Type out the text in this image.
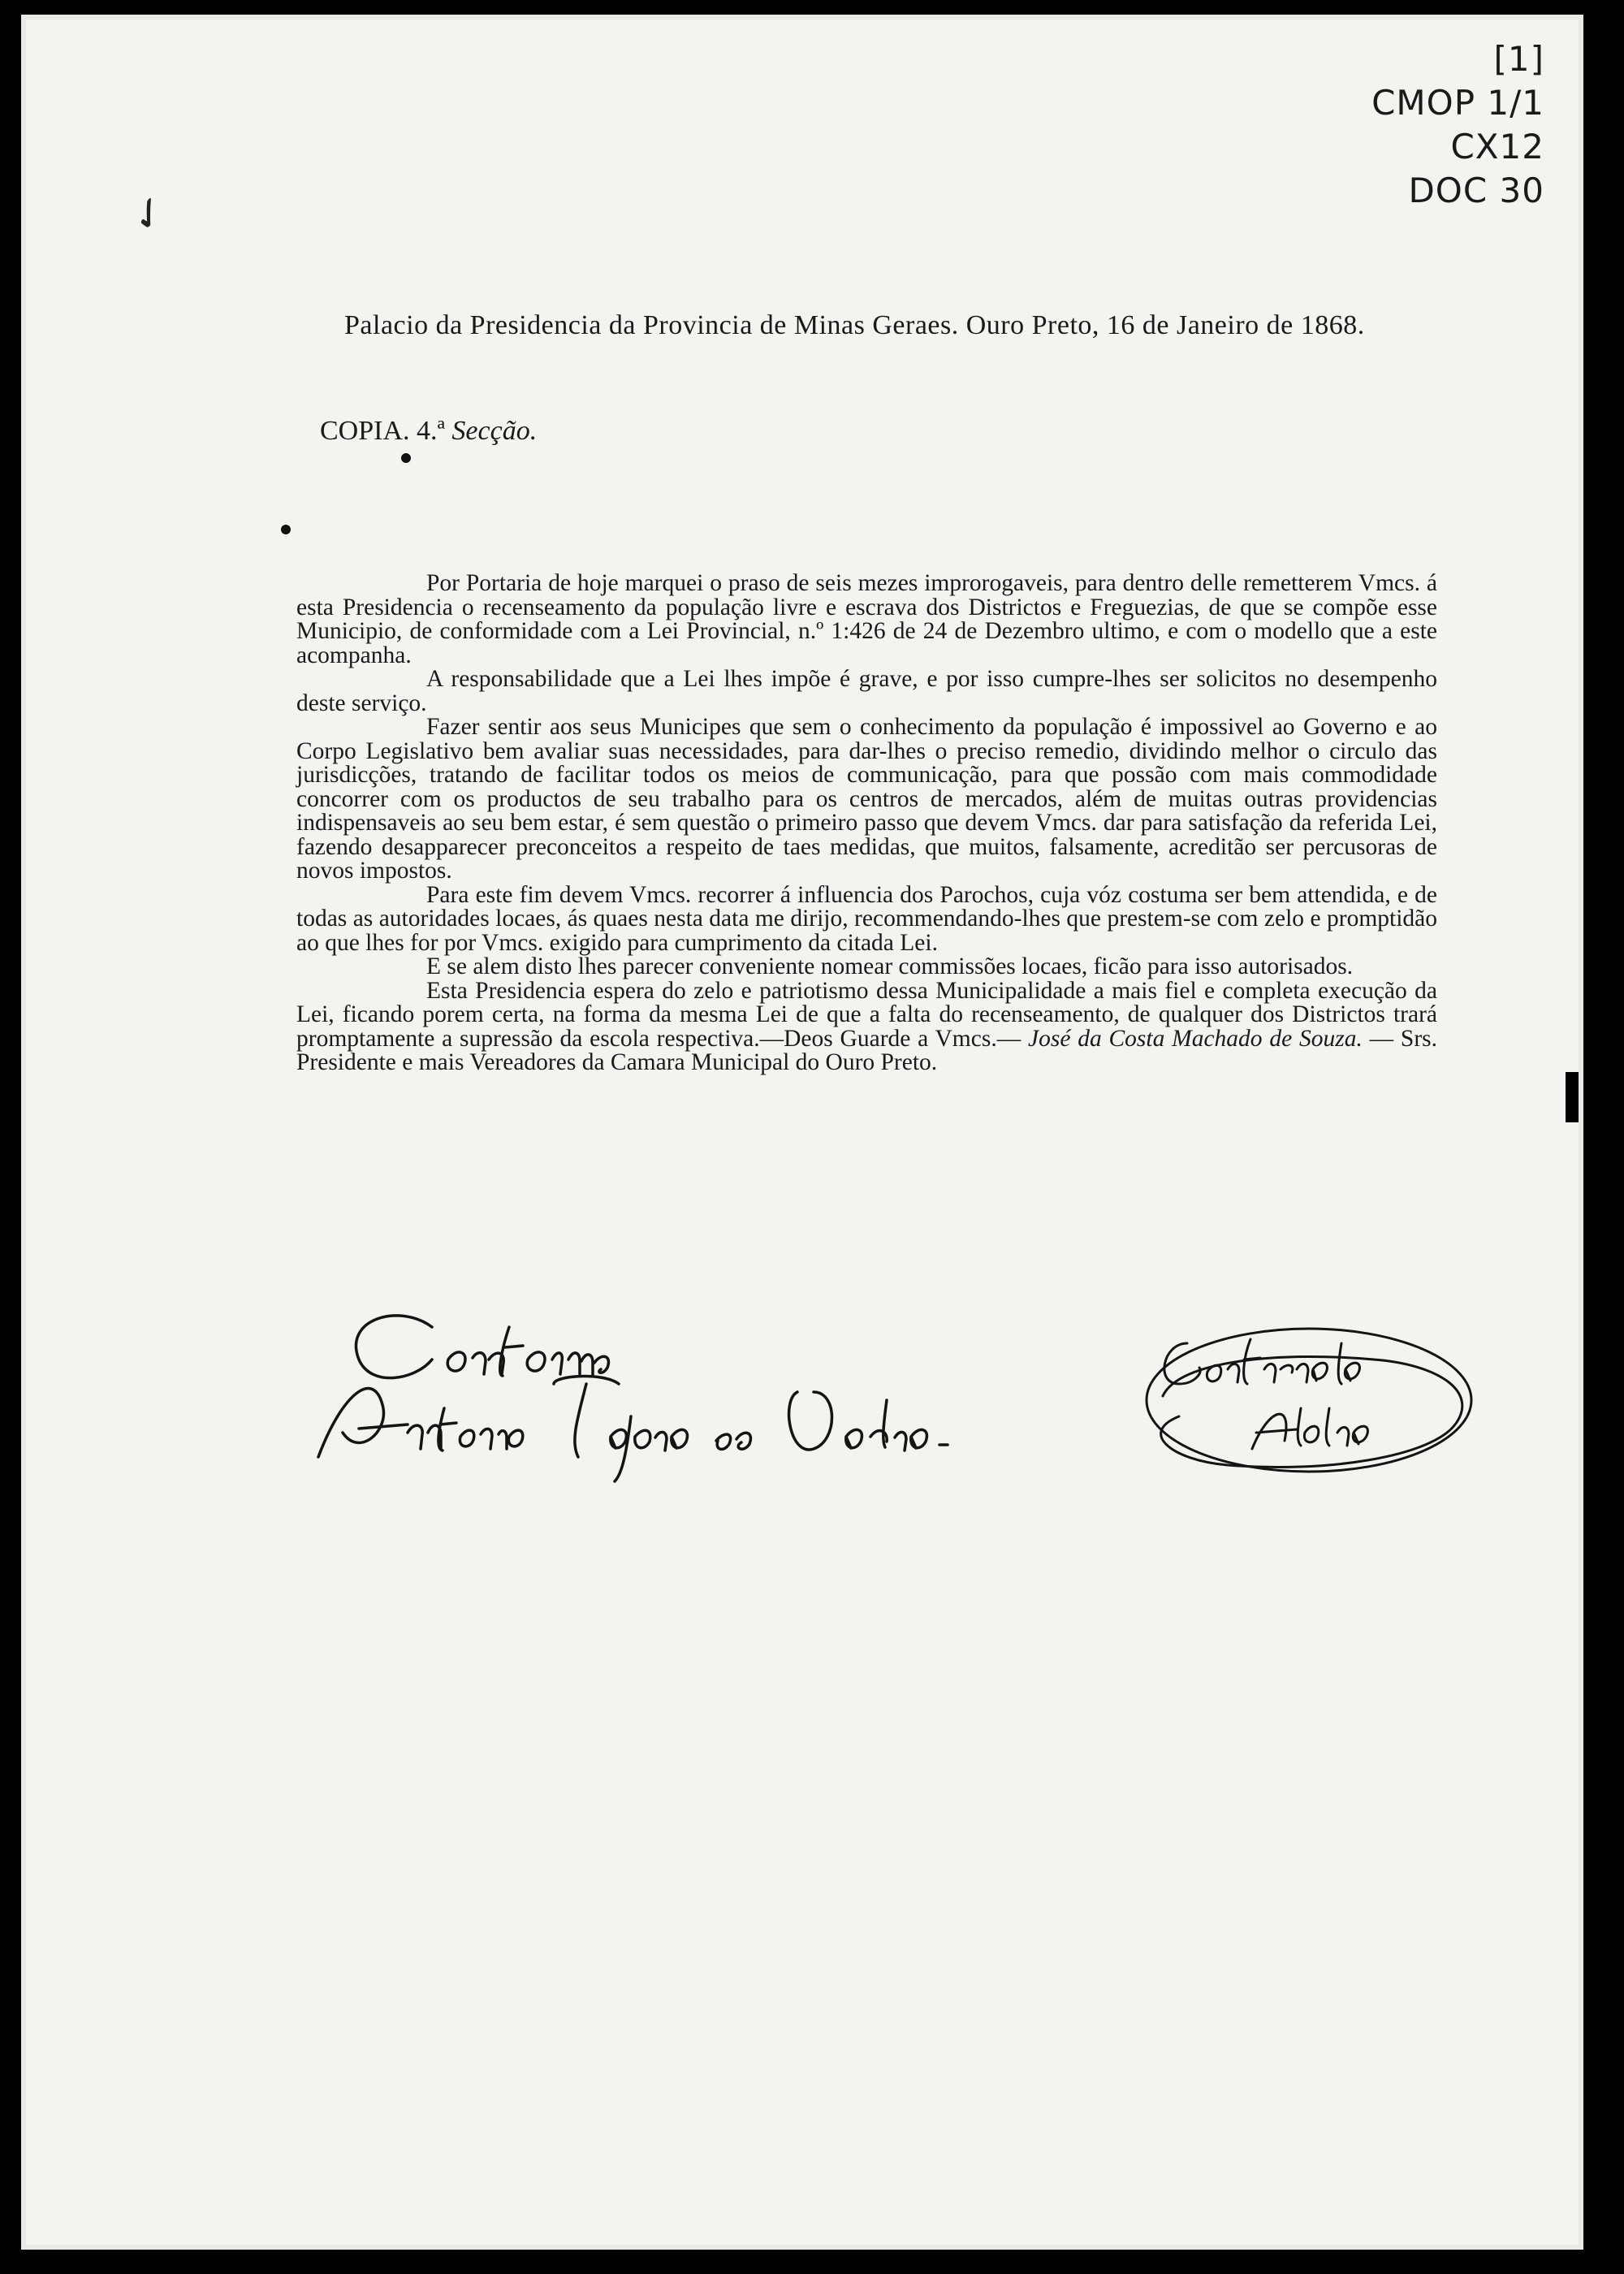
✓
[1]
CMOP 1/1
CX12
DOC 30
Palacio da Presidencia da Provincia de Minas Geraes. Ouro Preto, 16 de Janeiro de 1868.
COPIA. 4.ª Secção.

Por Portaria de hoje marquei o praso de seis mezes improrogaveis, para dentro delle remetterem Vmcs. á esta Presidencia o recenseamento da população livre e escrava dos Districtos e Freguezias, de que se compõe esse Municipio, de conformidade com a Lei Provincial, n.º 1:426 de 24 de Dezembro ultimo, e com o modello que a este acompanha.

A responsabilidade que a Lei lhes impõe é grave, e por isso cumpre-lhes ser solicitos no desempenho deste serviço.

Fazer sentir aos seus Municipes que sem o conhecimento da população é impossivel ao Governo e ao Corpo Legislativo bem avaliar suas necessidades, para dar-lhes o preciso remedio, dividindo melhor o circulo das jurisdicções, tratando de facilitar todos os meios de communicação, para que possão com mais commodidade concorrer com os productos de seu trabalho para os centros de mercados, além de muitas outras providencias indispensaveis ao seu bem estar, é sem questão o primeiro passo que devem Vmcs. dar para satisfação da referida Lei, fazendo desapparecer preconceitos a respeito de taes medidas, que muitos, falsamente, acreditão ser percusoras de novos impostos.

Para este fim devem Vmcs. recorrer á influencia dos Parochos, cuja vóz costuma ser bem attendida, e de todas as autoridades locaes, ás quaes nesta data me dirijo, recommendando-lhes que prestem-se com zelo e promptidão ao que lhes for por Vmcs. exigido para cumprimento da citada Lei.

E se alem disto lhes parecer conveniente nomear commissões locaes, ficão para isso autorisados.

Esta Presidencia espera do zelo e patriotismo dessa Municipalidade a mais fiel e completa execução da Lei, ficando porem certa, na forma da mesma Lei de que a falta do recenseamento, de qualquer dos Districtos trará promptamente a supressão da escola respectiva.—Deos Guarde a Vmcs.— José da Costa Machado de Souza. — Srs. Presidente e mais Vereadores da Camara Municipal do Ouro Preto.
